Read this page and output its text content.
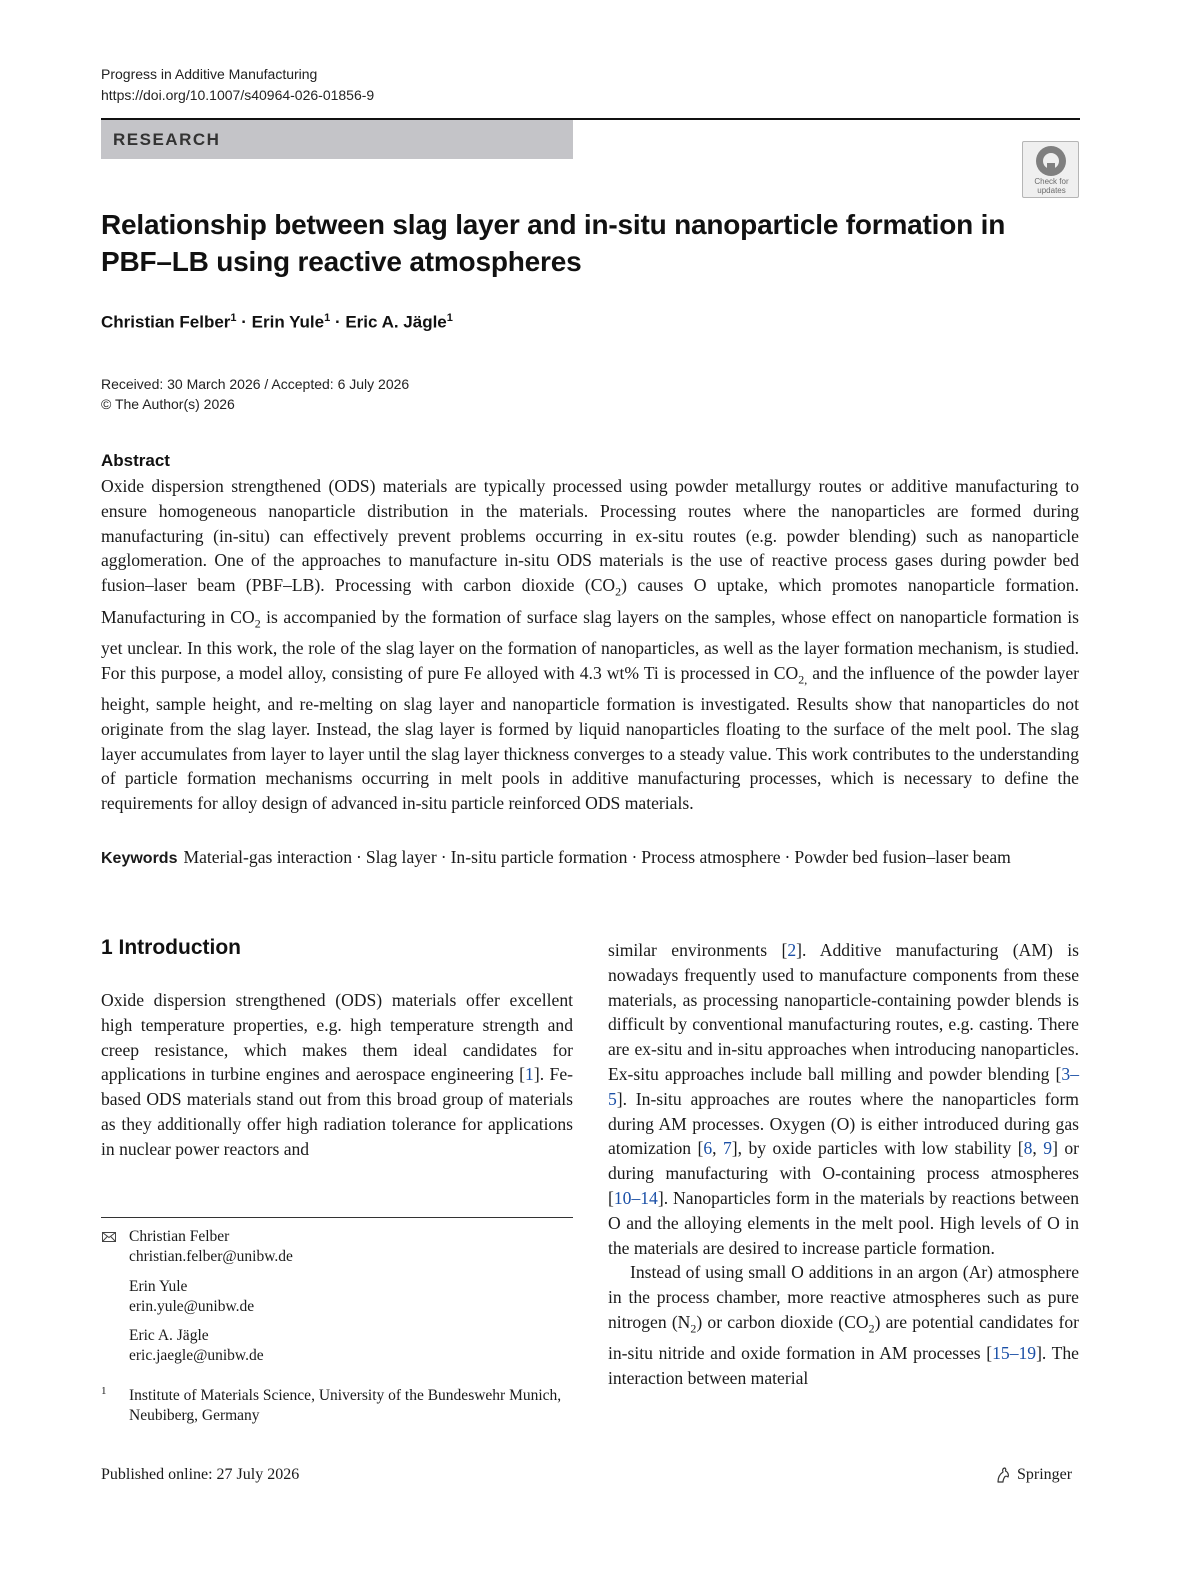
Progress in Additive Manufacturing
https://doi.org/10.1007/s40964-026-01856-9
RESEARCH
Check for
updates
Relationship between slag layer and in-situ nanoparticle formation in
PBF–LB using reactive atmospheres
Christian Felber$^1$ · Erin Yule$^1$ · Eric A. Jägle$^1$
Received: 30 March 2026 / Accepted: 6 July 2026
© The Author(s) 2026
Abstract
Oxide dispersion strengthened (ODS) materials are typically processed using powder metallurgy routes or additive manufacturing to ensure homogeneous nanoparticle distribution in the materials. Processing routes where the nanoparticles are formed during manufacturing (in-situ) can effectively prevent problems occurring in ex-situ routes (e.g. powder blending) such as nanoparticle agglomeration. One of the approaches to manufacture in-situ ODS materials is the use of reactive process gases during powder bed fusion–laser beam (PBF–LB). Processing with carbon dioxide $(CO_2)$ causes O uptake, which promotes nanoparticle formation. Manufacturing in $CO_2$ is accompanied by the formation of surface slag layers on the samples, whose effect on nanoparticle formation is yet unclear. In this work, the role of the slag layer on the formation of nanoparticles, as well as the layer formation mechanism, is studied. For this purpose, a model alloy, consisting of pure Fe alloyed with 4.3 wt% Ti is processed in $CO_{2,}$ and the influence of the powder layer height, sample height, and re-melting on slag layer and nanoparticle formation is investigated. Results show that nanoparticles do not originate from the slag layer. Instead, the slag layer is formed by liquid nanoparticles floating to the surface of the melt pool. The slag layer accumulates from layer to layer until the slag layer thickness converges to a steady value. This work contributes to the understanding of particle formation mechanisms occurring in melt pools in additive manufacturing processes, which is necessary to define the requirements for alloy design of advanced in-situ particle reinforced ODS materials.
Keywords Material-gas interaction · Slag layer · In-situ particle formation · Process atmosphere · Powder bed fusion–laser beam
1 Introduction
Oxide dispersion strengthened (ODS) materials offer excellent high temperature properties, e.g. high temperature strength and creep resistance, which makes them ideal candidates for applications in turbine engines and aerospace engineering [1]. Fe-based ODS materials stand out from this broad group of materials as they additionally offer high radiation tolerance for applications in nuclear power reactors and

similar environments [2]. Additive manufacturing (AM) is nowadays frequently used to manufacture components from these materials, as processing nanoparticle-containing powder blends is difficult by conventional manufacturing routes, e.g. casting. There are ex-situ and in-situ approaches when introducing nanoparticles. Ex-situ approaches include ball milling and powder blending [3–5]. In-situ approaches are routes where the nanoparticles form during AM processes. Oxygen (O) is either introduced during gas atomization [6, 7], by oxide particles with low stability [8, 9] or during manufacturing with O-containing process atmospheres [10–14]. Nanoparticles form in the materials by reactions between O and the alloying elements in the melt pool. High levels of O in the materials are desired to increase particle formation.

Instead of using small O additions in an argon (Ar) atmosphere in the process chamber, more reactive atmospheres such as pure nitrogen $(N_2)$ or carbon dioxide $(CO_2)$ are potential candidates for in-situ nitride and oxide formation in AM processes [15–19]. The interaction between material

Christian Felber
christian.felber@unibw.de
Erin Yule
erin.yule@unibw.de
Eric A. Jägle
eric.jaegle@unibw.de
1 Institute of Materials Science, University of the Bundeswehr Munich, Neubiberg, Germany
Published online: 27 July 2026	Springer
